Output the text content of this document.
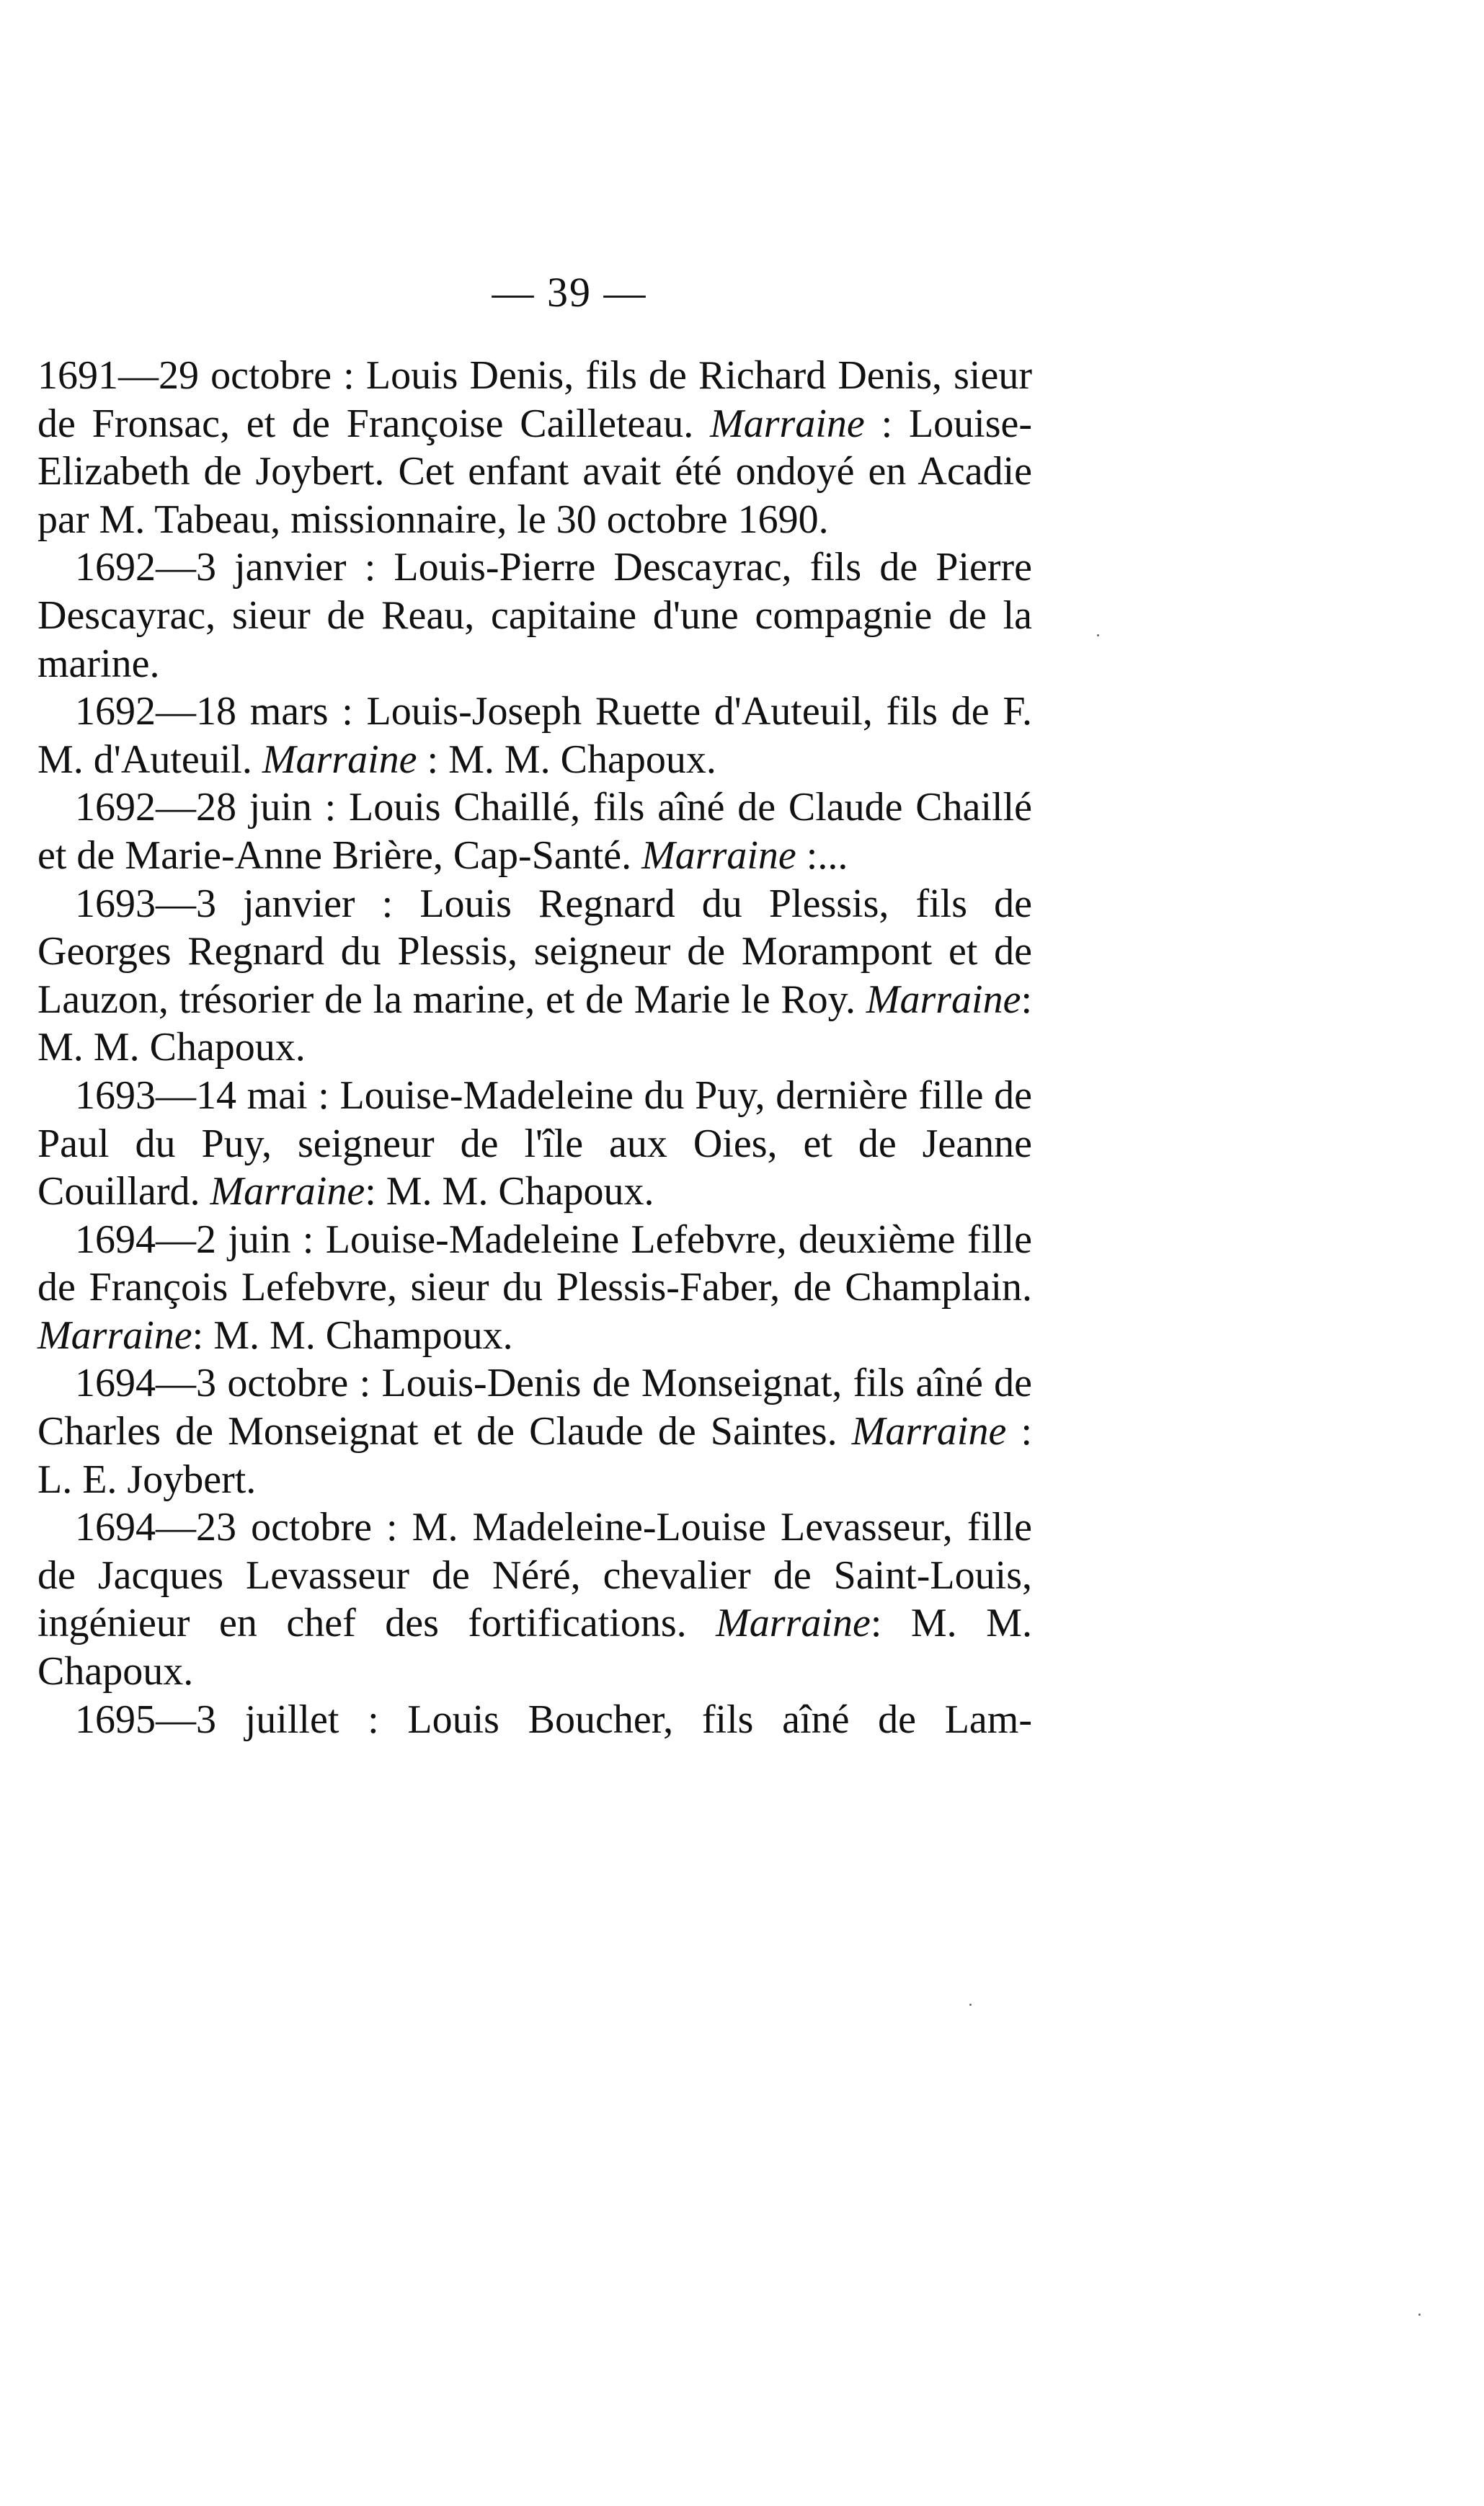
— 39 —

1691—29 octobre : Louis Denis, fils de Richard Denis, sieur de Fronsac, et de Françoise Cailleteau. Marraine : Louise-Elizabeth de Joybert. Cet enfant avait été ondoyé en Acadie par M. Tabeau, missionnaire, le 30 octobre 1690.

1692—3 janvier : Louis-Pierre Descayrac, fils de Pierre Descayrac, sieur de Reau, capitaine d'une compagnie de la marine.

1692—18 mars : Louis-Joseph Ruette d'Auteuil, fils de F. M. d'Auteuil. Marraine : M. M. Chapoux.

1692—28 juin : Louis Chaillé, fils aîné de Claude Chaillé et de Marie-Anne Brière, Cap-Santé. Marraine :...

1693—3 janvier : Louis Regnard du Plessis, fils de Georges Regnard du Plessis, seigneur de Morampont et de Lauzon, trésorier de la marine, et de Marie le Roy. Marraine: M. M. Chapoux.

1693—14 mai : Louise-Madeleine du Puy, dernière fille de Paul du Puy, seigneur de l'île aux Oies, et de Jeanne Couillard. Marraine: M. M. Chapoux.

1694—2 juin : Louise-Madeleine Lefebvre, deuxième fille de François Lefebvre, sieur du Plessis-Faber, de Champlain. Marraine: M. M. Champoux.

1694—3 octobre : Louis-Denis de Monseignat, fils aîné de Charles de Monseignat et de Claude de Saintes. Marraine : L. E. Joybert.

1694—23 octobre : M. Madeleine-Louise Levasseur, fille de Jacques Levasseur de Néré, chevalier de Saint-Louis, ingénieur en chef des fortifications. Marraine: M. M. Chapoux.

1695—3 juillet : Louis Boucher, fils aîné de Lam-
